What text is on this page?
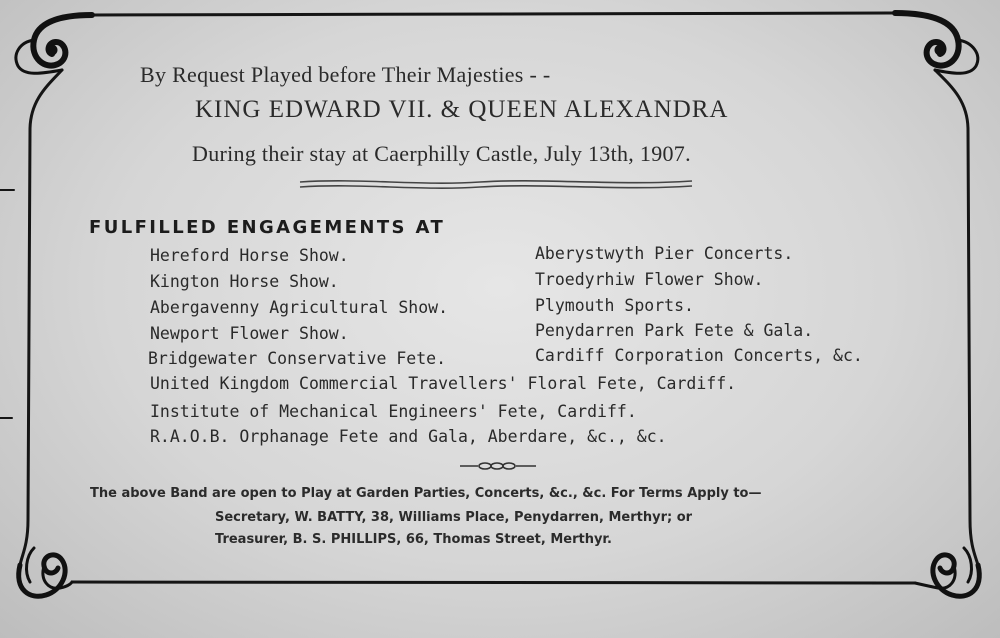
By Request Played before Their Majesties - -
KING EDWARD VII. & QUEEN ALEXANDRA
During their stay at Caerphilly Castle, July 13th, 1907.
FULFILLED ENGAGEMENTS AT
Hereford Horse Show.
Kington Horse Show.
Abergavenny Agricultural Show.
Newport Flower Show.
Bridgewater Conservative Fete.
Aberystwyth Pier Concerts.
Troedyrhiw Flower Show.
Plymouth Sports.
Penydarren Park Fete & Gala.
Cardiff Corporation Concerts, &c.
United Kingdom Commercial Travellers' Floral Fete, Cardiff.
Institute of Mechanical Engineers' Fete, Cardiff.
R.A.O.B. Orphanage Fete and Gala, Aberdare, &c., &c.
The above Band are open to Play at Garden Parties, Concerts, &c., &c. For Terms Apply to—
Secretary, W. BATTY, 38, Williams Place, Penydarren, Merthyr; or
Treasurer, B. S. PHILLIPS, 66, Thomas Street, Merthyr.
